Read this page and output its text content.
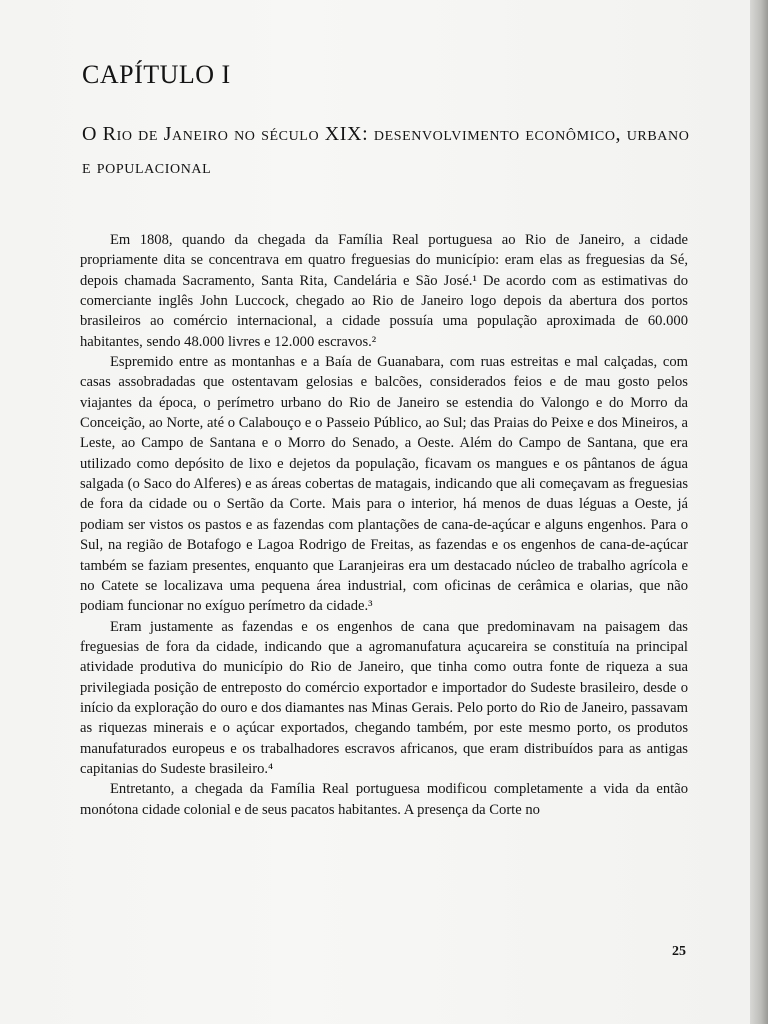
CAPÍTULO I
O Rio de Janeiro no século XIX: desenvolvimento econômico, urbano e populacional

Em 1808, quando da chegada da Família Real portuguesa ao Rio de Janeiro, a cidade propriamente dita se concentrava em quatro freguesias do município: eram elas as freguesias da Sé, depois chamada Sacramento, Santa Rita, Candelária e São José.¹ De acordo com as estimativas do comerciante inglês John Luccock, chegado ao Rio de Janeiro logo depois da abertura dos portos brasileiros ao comércio internacional, a cidade possuía uma população aproximada de 60.000 habitantes, sendo 48.000 livres e 12.000 escravos.²

Espremido entre as montanhas e a Baía de Guanabara, com ruas estreitas e mal calçadas, com casas assobradadas que ostentavam gelosias e balcões, considerados feios e de mau gosto pelos viajantes da época, o perímetro urbano do Rio de Janeiro se estendia do Valongo e do Morro da Conceição, ao Norte, até o Calabouço e o Passeio Público, ao Sul; das Praias do Peixe e dos Mineiros, a Leste, ao Campo de Santana e o Morro do Senado, a Oeste. Além do Campo de Santana, que era utilizado como depósito de lixo e dejetos da população, ficavam os mangues e os pântanos de água salgada (o Saco do Alferes) e as áreas cobertas de matagais, indicando que ali começavam as freguesias de fora da cidade ou o Sertão da Corte. Mais para o interior, há menos de duas léguas a Oeste, já podiam ser vistos os pastos e as fazendas com plantações de cana-de-açúcar e alguns engenhos. Para o Sul, na região de Botafogo e Lagoa Rodrigo de Freitas, as fazendas e os engenhos de cana-de-açúcar também se faziam presentes, enquanto que Laranjeiras era um destacado núcleo de trabalho agrícola e no Catete se localizava uma pequena área industrial, com oficinas de cerâmica e olarias, que não podiam funcionar no exíguo perímetro da cidade.³

Eram justamente as fazendas e os engenhos de cana que predominavam na paisagem das freguesias de fora da cidade, indicando que a agromanufatura açucareira se constituía na principal atividade produtiva do município do Rio de Janeiro, que tinha como outra fonte de riqueza a sua privilegiada posição de entreposto do comércio exportador e importador do Sudeste brasileiro, desde o início da exploração do ouro e dos diamantes nas Minas Gerais. Pelo porto do Rio de Janeiro, passavam as riquezas minerais e o açúcar exportados, chegando também, por este mesmo porto, os produtos manufaturados europeus e os trabalhadores escravos africanos, que eram distribuídos para as antigas capitanias do Sudeste brasileiro.⁴

Entretanto, a chegada da Família Real portuguesa modificou completamente a vida da então monótona cidade colonial e de seus pacatos habitantes. A presença da Corte no

25
